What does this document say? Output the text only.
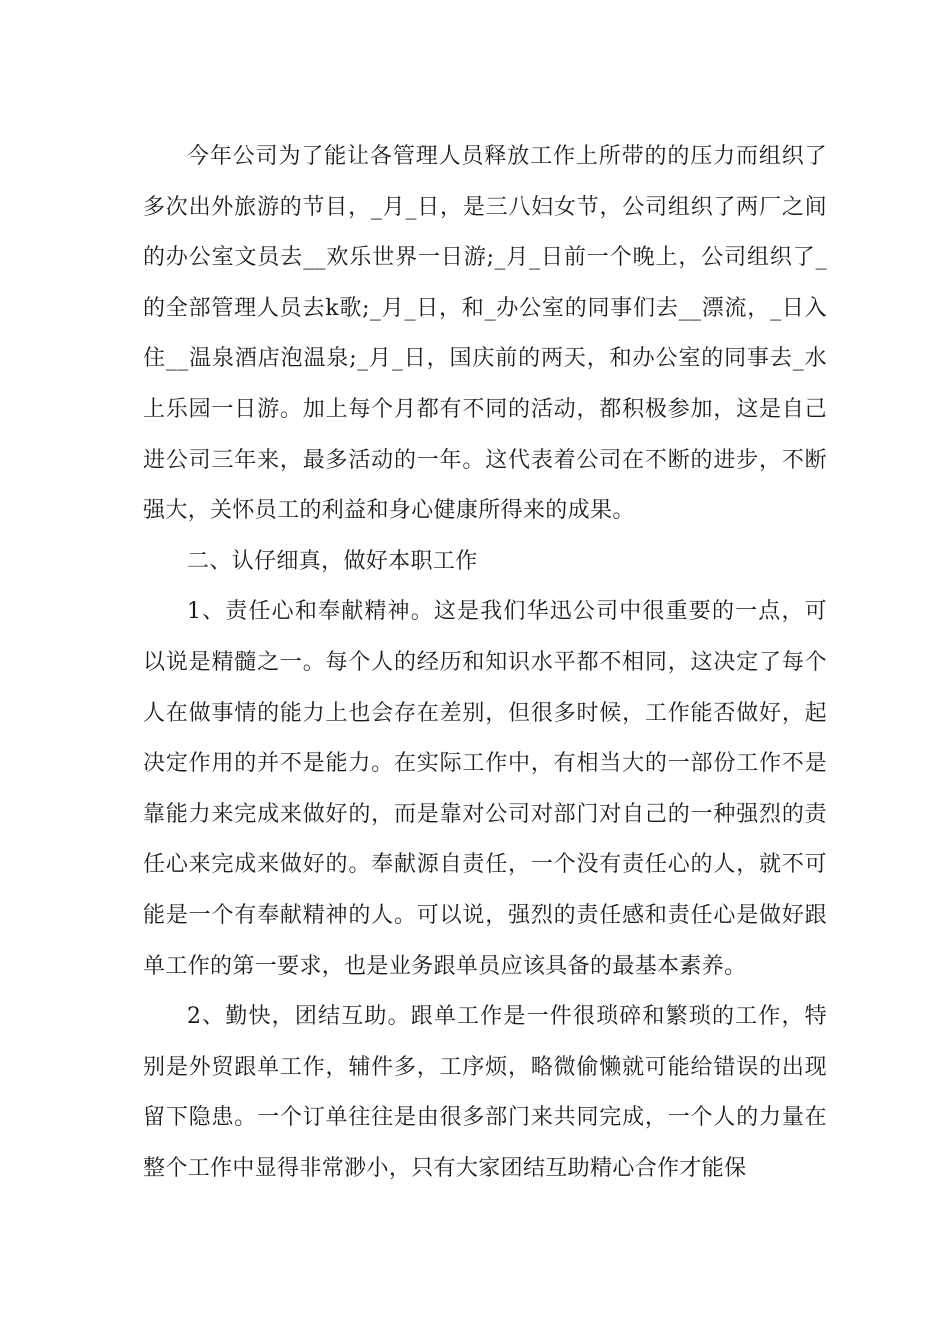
今年公司为了能让各管理人员释放工作上所带的的压力而组织了多次出外旅游的节目，_月_日，是三八妇女节，公司组织了两厂之间的办公室文员去__欢乐世界一日游;_月_日前一个晚上，公司组织了_的全部管理人员去k歌;_月_日，和_办公室的同事们去__漂流，_日入住__温泉酒店泡温泉;_月_日，国庆前的两天，和办公室的同事去_水上乐园一日游。加上每个月都有不同的活动，都积极参加，这是自己进公司三年来，最多活动的一年。这代表着公司在不断的进步，不断强大，关怀员工的利益和身心健康所得来的成果。

二、认仔细真，做好本职工作

1、责任心和奉献精神。这是我们华迅公司中很重要的一点，可以说是精髓之一。每个人的经历和知识水平都不相同，这决定了每个人在做事情的能力上也会存在差别，但很多时候，工作能否做好，起决定作用的并不是能力。在实际工作中，有相当大的一部份工作不是靠能力来完成来做好的，而是靠对公司对部门对自己的一种强烈的责任心来完成来做好的。奉献源自责任，一个没有责任心的人，就不可能是一个有奉献精神的人。可以说，强烈的责任感和责任心是做好跟单工作的第一要求，也是业务跟单员应该具备的最基本素养。

2、勤快，团结互助。跟单工作是一件很琐碎和繁琐的工作，特别是外贸跟单工作，辅件多，工序烦，略微偷懒就可能给错误的出现留下隐患。一个订单往往是由很多部门来共同完成，一个人的力量在整个工作中显得非常渺小，只有大家团结互助精心合作才能保
